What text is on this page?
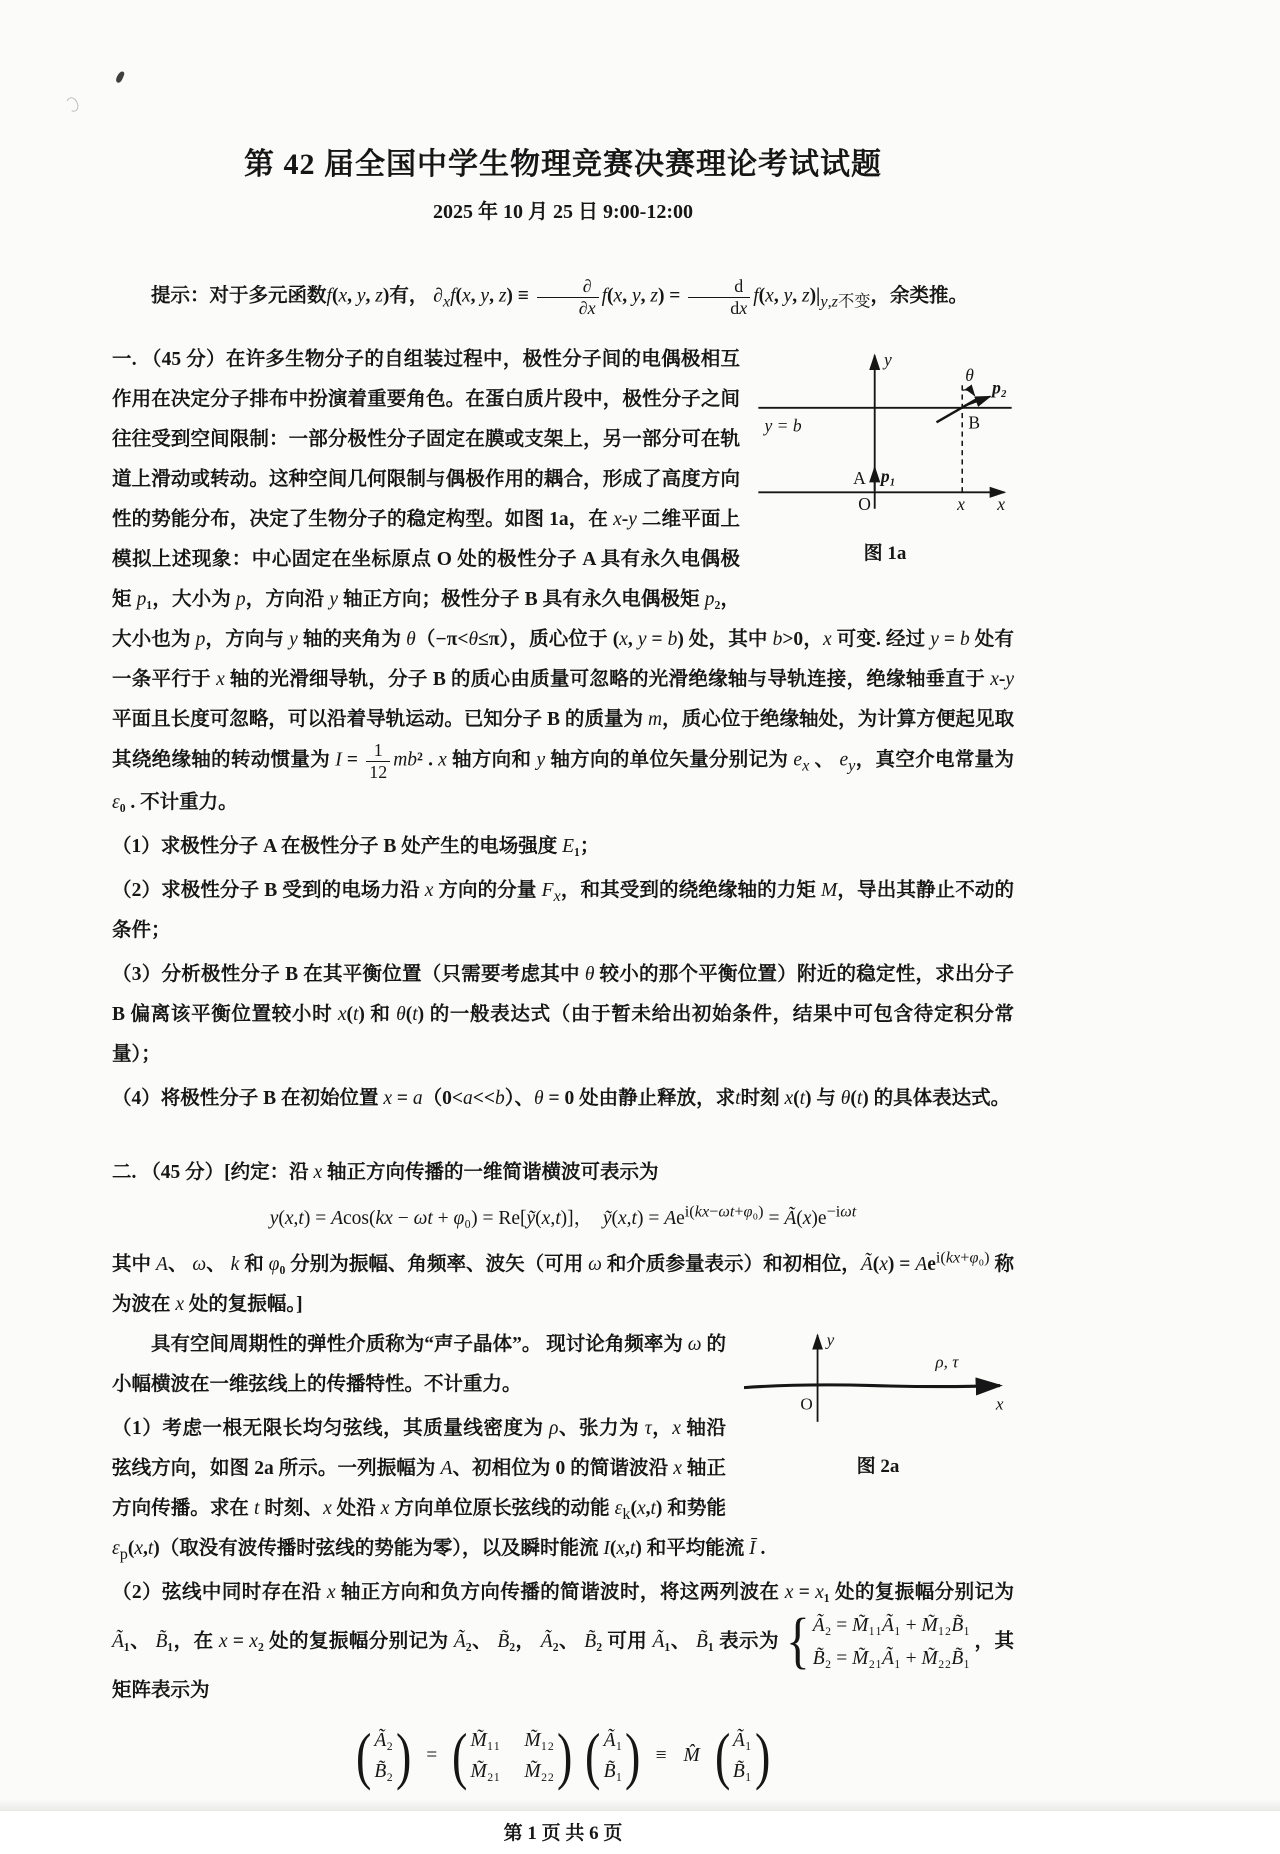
第 42 届全国中学生物理竞赛决赛理论考试试题
2025 年 10 月 25 日 9:00-12:00

提示：对于多元函数f(x, y, z)有， $\partial_xf(x$, y, $z) \equiv \frac{\partial}{\partial x} f(x$, y, $z) = \frac{d}{dx} f(x$, y, $z)|_{y,z不变}$，余类推。

y
y = b
θ
p₂
B
A p₁
O	x x
图 1a

一. （45 分）在许多生物分子的自组装过程中，极性分子间的电偶极相互作用在决定分子排布中扮演着重要角色。在蛋白质片段中，极性分子之间往往受到空间限制：一部分极性分子固定在膜或支架上，另一部分可在轨道上滑动或转动。这种空间几何限制与偶极作用的耦合，形成了高度方向性的势能分布，决定了生物分子的稳定构型。如图 1a，在 x-y 二维平面上模拟上述现象：中心固定在坐标原点 O 处的极性分子 A 具有永久电偶极矩 p₁，大小为 p，方向沿 y 轴正方向；极性分子 B 具有永久电偶极矩 p₂，大小也为 p，方向与 y 轴的夹角为 θ（−π<θ≤π），质心位于 (x, y = b) 处，其中 b>0，x 可变. 经过 y = b 处有一条平行于 x 轴的光滑细导轨，分子 B 的质心由质量可忽略的光滑绝缘轴与导轨连接，绝缘轴垂直于 x-y 平面且长度可忽略，可以沿着导轨运动。已知分子 B 的质量为 m，质心位于绝缘轴处，为计算方便起见取其绕绝缘轴的转动惯量为 $I = \frac{1}{12} mb^2$ . x 轴方向和 y 轴方向的单位矢量分别记为 $e_x$ 、 $e_y$，真空介电常量为 ε₀ . 不计重力。

（1）求极性分子 A 在极性分子 B 处产生的电场强度 E₁；

（2）求极性分子 B 受到的电场力沿 x 方向的分量 $F_x$，和其受到的绕绝缘轴的力矩 M，导出其静止不动的条件；

（3）分析极性分子 B 在其平衡位置（只需要考虑其中 θ 较小的那个平衡位置）附近的稳定性，求出分子 B 偏离该平衡位置较小时 x(t) 和 θ(t) 的一般表达式（由于暂未给出初始条件，结果中可包含待定积分常量）；

（4）将极性分子 B 在初始位置 x = a（0<a<<b）、θ = 0 处由静止释放，求t时刻 x(t) 与 θ(t) 的具体表达式。

二. （45 分）[约定：沿 x 轴正方向传播的一维简谐横波可表示为

y(x,t) = Acos(kx − ωt + φ₀) = Re[ỹ(x,t)]，  ỹ(x,t) = $Ae^{i(kx-\omega t+\varphi_0)}$ = $Ã(x)e^{-i\omega t}$

其中 A、 ω、 k 和 φ₀ 分别为振幅、角频率、波矢（可用 ω 和介质参量表示）和初相位，Ã(x) = $Ae^{i(kx+\varphi_0)}$ 称为波在 x 处的复振幅。]

y
ρ, τ
O	x
图 2a

具有空间周期性的弹性介质称为“声子晶体”。 现讨论角频率为 ω 的小幅横波在一维弦线上的传播特性。不计重力。

（1）考虑一根无限长均匀弦线，其质量线密度为 ρ、张力为 τ，x 轴沿弦线方向，如图 2a 所示。一列振幅为 A、初相位为 0 的简谐波沿 x 轴正方向传播。求在 t 时刻、x 处沿 x 方向单位原长弦线的动能 $\varepsilon_k(x,t)$ 和势能 $\varepsilon_p(x,t)$（取没有波传播时弦线的势能为零），以及瞬时能流 I(x,t) 和平均能流 Ī .

（2）弦线中同时存在沿 x 轴正方向和负方向传播的简谐波时，将这两列波在 x = x₁ 处的复振幅分别记为 Ã₁、 B̃₁，在 x = x₂ 处的复振幅分别记为 Ã₂、 B̃₂， Ã₂、 B̃₂ 可用 Ã₁、 B̃₁ 表示为 { Ã₂ = M̃₁₁Ã₁ + M̃₁₂B̃₁
B̃₂ = M̃₂₁Ã₁ + M̃₂₂B̃₁
，其矩阵表示为

( Ã₂
B̃₂ ) = ( M̃₁₁ M̃₁₂
M̃₂₁ M̃₂₂ )
( Ã₁
B̃₁ ) ≡ M̂ ( Ã₁
B̃₁ )
第 1 页 共 6 页
